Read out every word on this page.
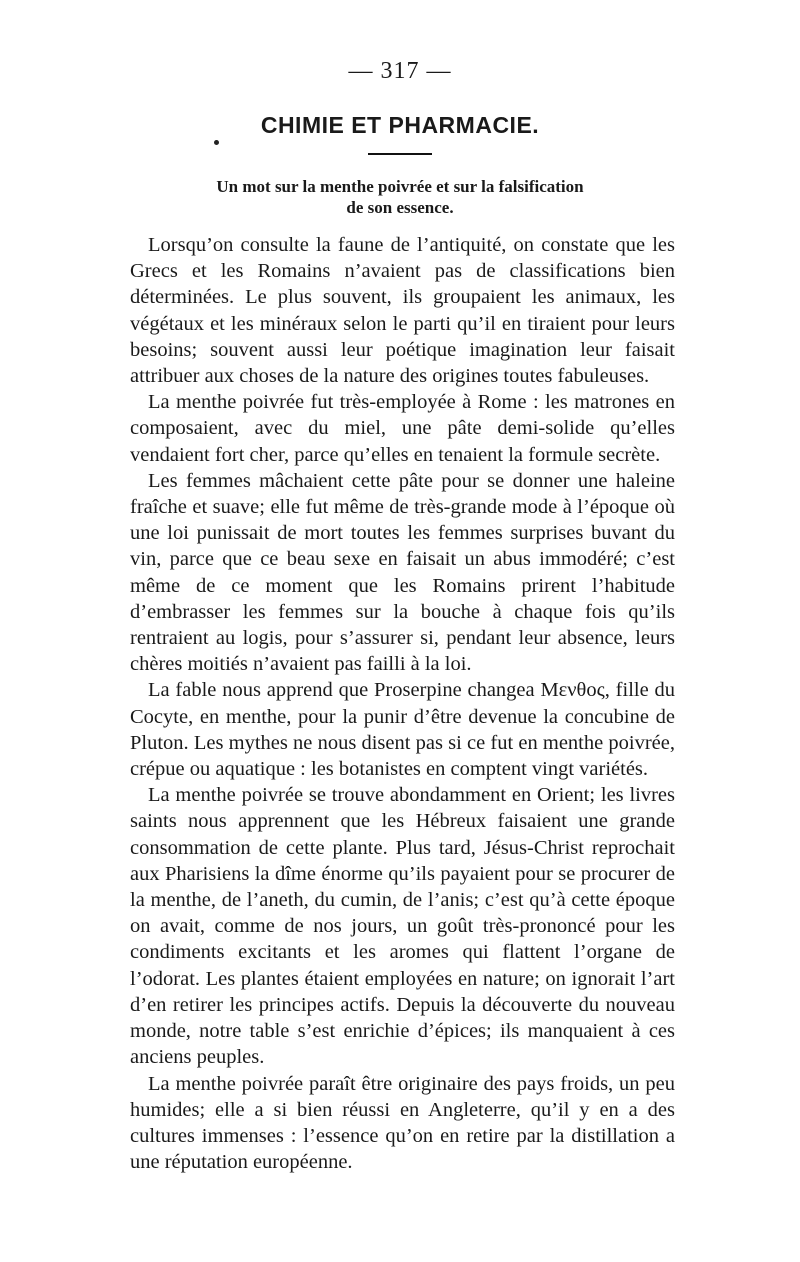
— 317 —
CHIMIE ET PHARMACIE.
Un mot sur la menthe poivrée et sur la falsification
de son essence.

Lorsqu’on consulte la faune de l’antiquité, on constate que les Grecs et les Romains n’avaient pas de classifications bien déterminées. Le plus souvent, ils groupaient les animaux, les végétaux et les minéraux selon le parti qu’il en tiraient pour leurs besoins; souvent aussi leur poétique imagination leur faisait attribuer aux choses de la nature des origines toutes fabuleuses.

La menthe poivrée fut très-employée à Rome : les matrones en composaient, avec du miel, une pâte demi-solide qu’elles vendaient fort cher, parce qu’elles en tenaient la formule secrète.

Les femmes mâchaient cette pâte pour se donner une haleine fraîche et suave; elle fut même de très-grande mode à l’époque où une loi punissait de mort toutes les femmes surprises buvant du vin, parce que ce beau sexe en faisait un abus immodéré; c’est même de ce moment que les Romains prirent l’habitude d’embrasser les femmes sur la bouche à chaque fois qu’ils rentraient au logis, pour s’assurer si, pendant leur absence, leurs chères moitiés n’avaient pas failli à la loi.

La fable nous apprend que Proserpine changea Μενθος, fille du Cocyte, en menthe, pour la punir d’être devenue la concubine de Pluton. Les mythes ne nous disent pas si ce fut en menthe poivrée, crépue ou aquatique : les botanistes en comptent vingt variétés.

La menthe poivrée se trouve abondamment en Orient; les livres saints nous apprennent que les Hébreux faisaient une grande consommation de cette plante. Plus tard, Jésus-Christ reprochait aux Pharisiens la dîme énorme qu’ils payaient pour se procurer de la menthe, de l’aneth, du cumin, de l’anis; c’est qu’à cette époque on avait, comme de nos jours, un goût très-prononcé pour les condiments excitants et les aromes qui flattent l’organe de l’odorat. Les plantes étaient employées en nature; on ignorait l’art d’en retirer les principes actifs. Depuis la découverte du nouveau monde, notre table s’est enrichie d’épices; ils manquaient à ces anciens peuples.

La menthe poivrée paraît être originaire des pays froids, un peu humides; elle a si bien réussi en Angleterre, qu’il y en a des cultures immenses : l’essence qu’on en retire par la distillation a une réputation européenne.
